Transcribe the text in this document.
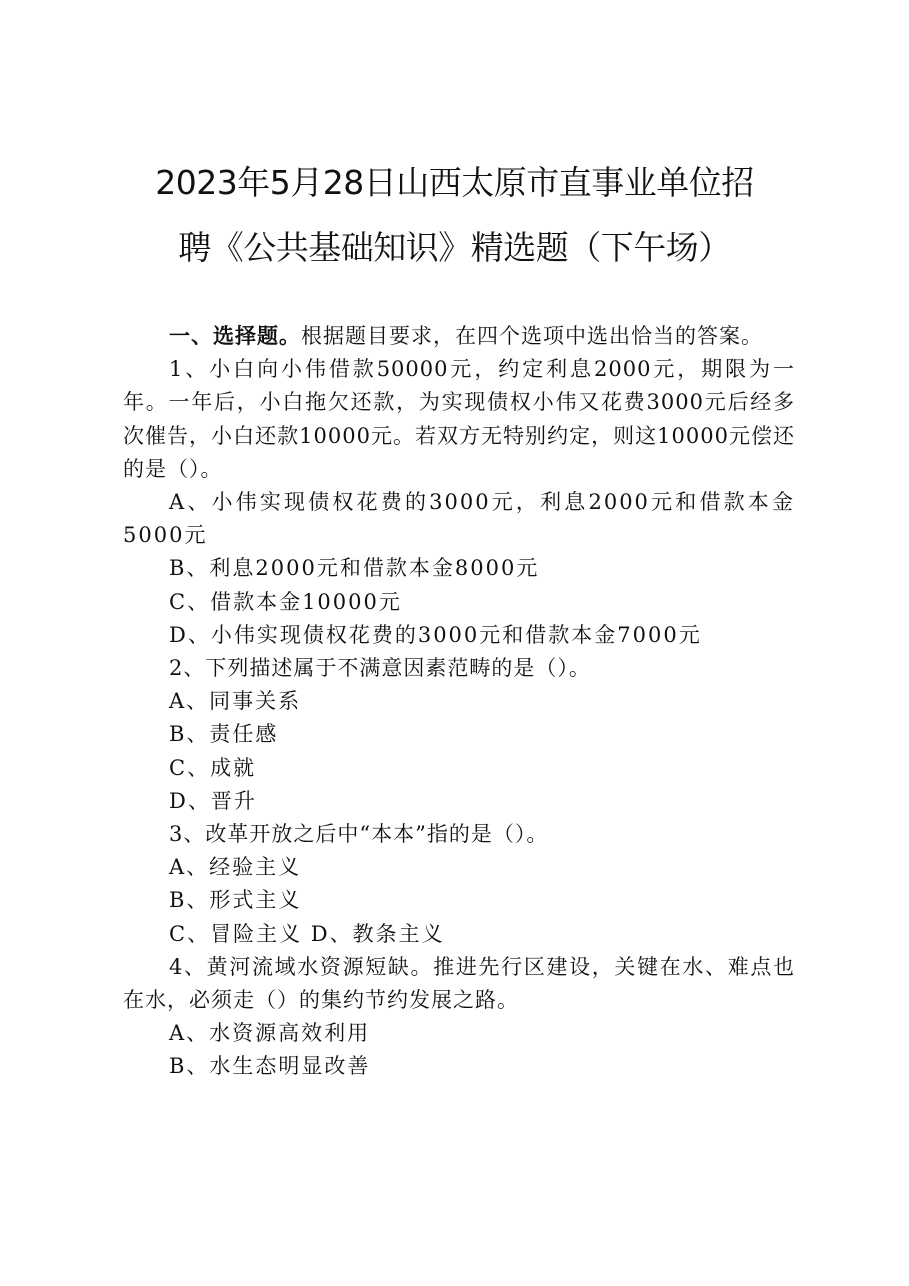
2023年5月28日山西太原市直事业单位招
聘《公共基础知识》精选题（下午场）

一、选择题。根据题目要求，在四个选项中选出恰当的答案。

1、小白向小伟借款50000元，约定利息2000元，期限为一年。一年后，小白拖欠还款，为实现债权小伟又花费3000元后经多次催告，小白还款10000元。若双方无特别约定，则这10000元偿还的是（）。

A、小伟实现债权花费的3000元，利息2000元和借款本金5000元

B、利息2000元和借款本金8000元

C、借款本金10000元

D、小伟实现债权花费的3000元和借款本金7000元

2、下列描述属于不满意因素范畴的是（）。

A、同事关系

B、责任感

C、成就

D、晋升

3、改革开放之后中“本本”指的是（）。

A、经验主义

B、形式主义

C、冒险主义 D、教条主义

4、黄河流域水资源短缺。推进先行区建设，关键在水、难点也在水，必须走（）的集约节约发展之路。

A、水资源高效利用

B、水生态明显改善
